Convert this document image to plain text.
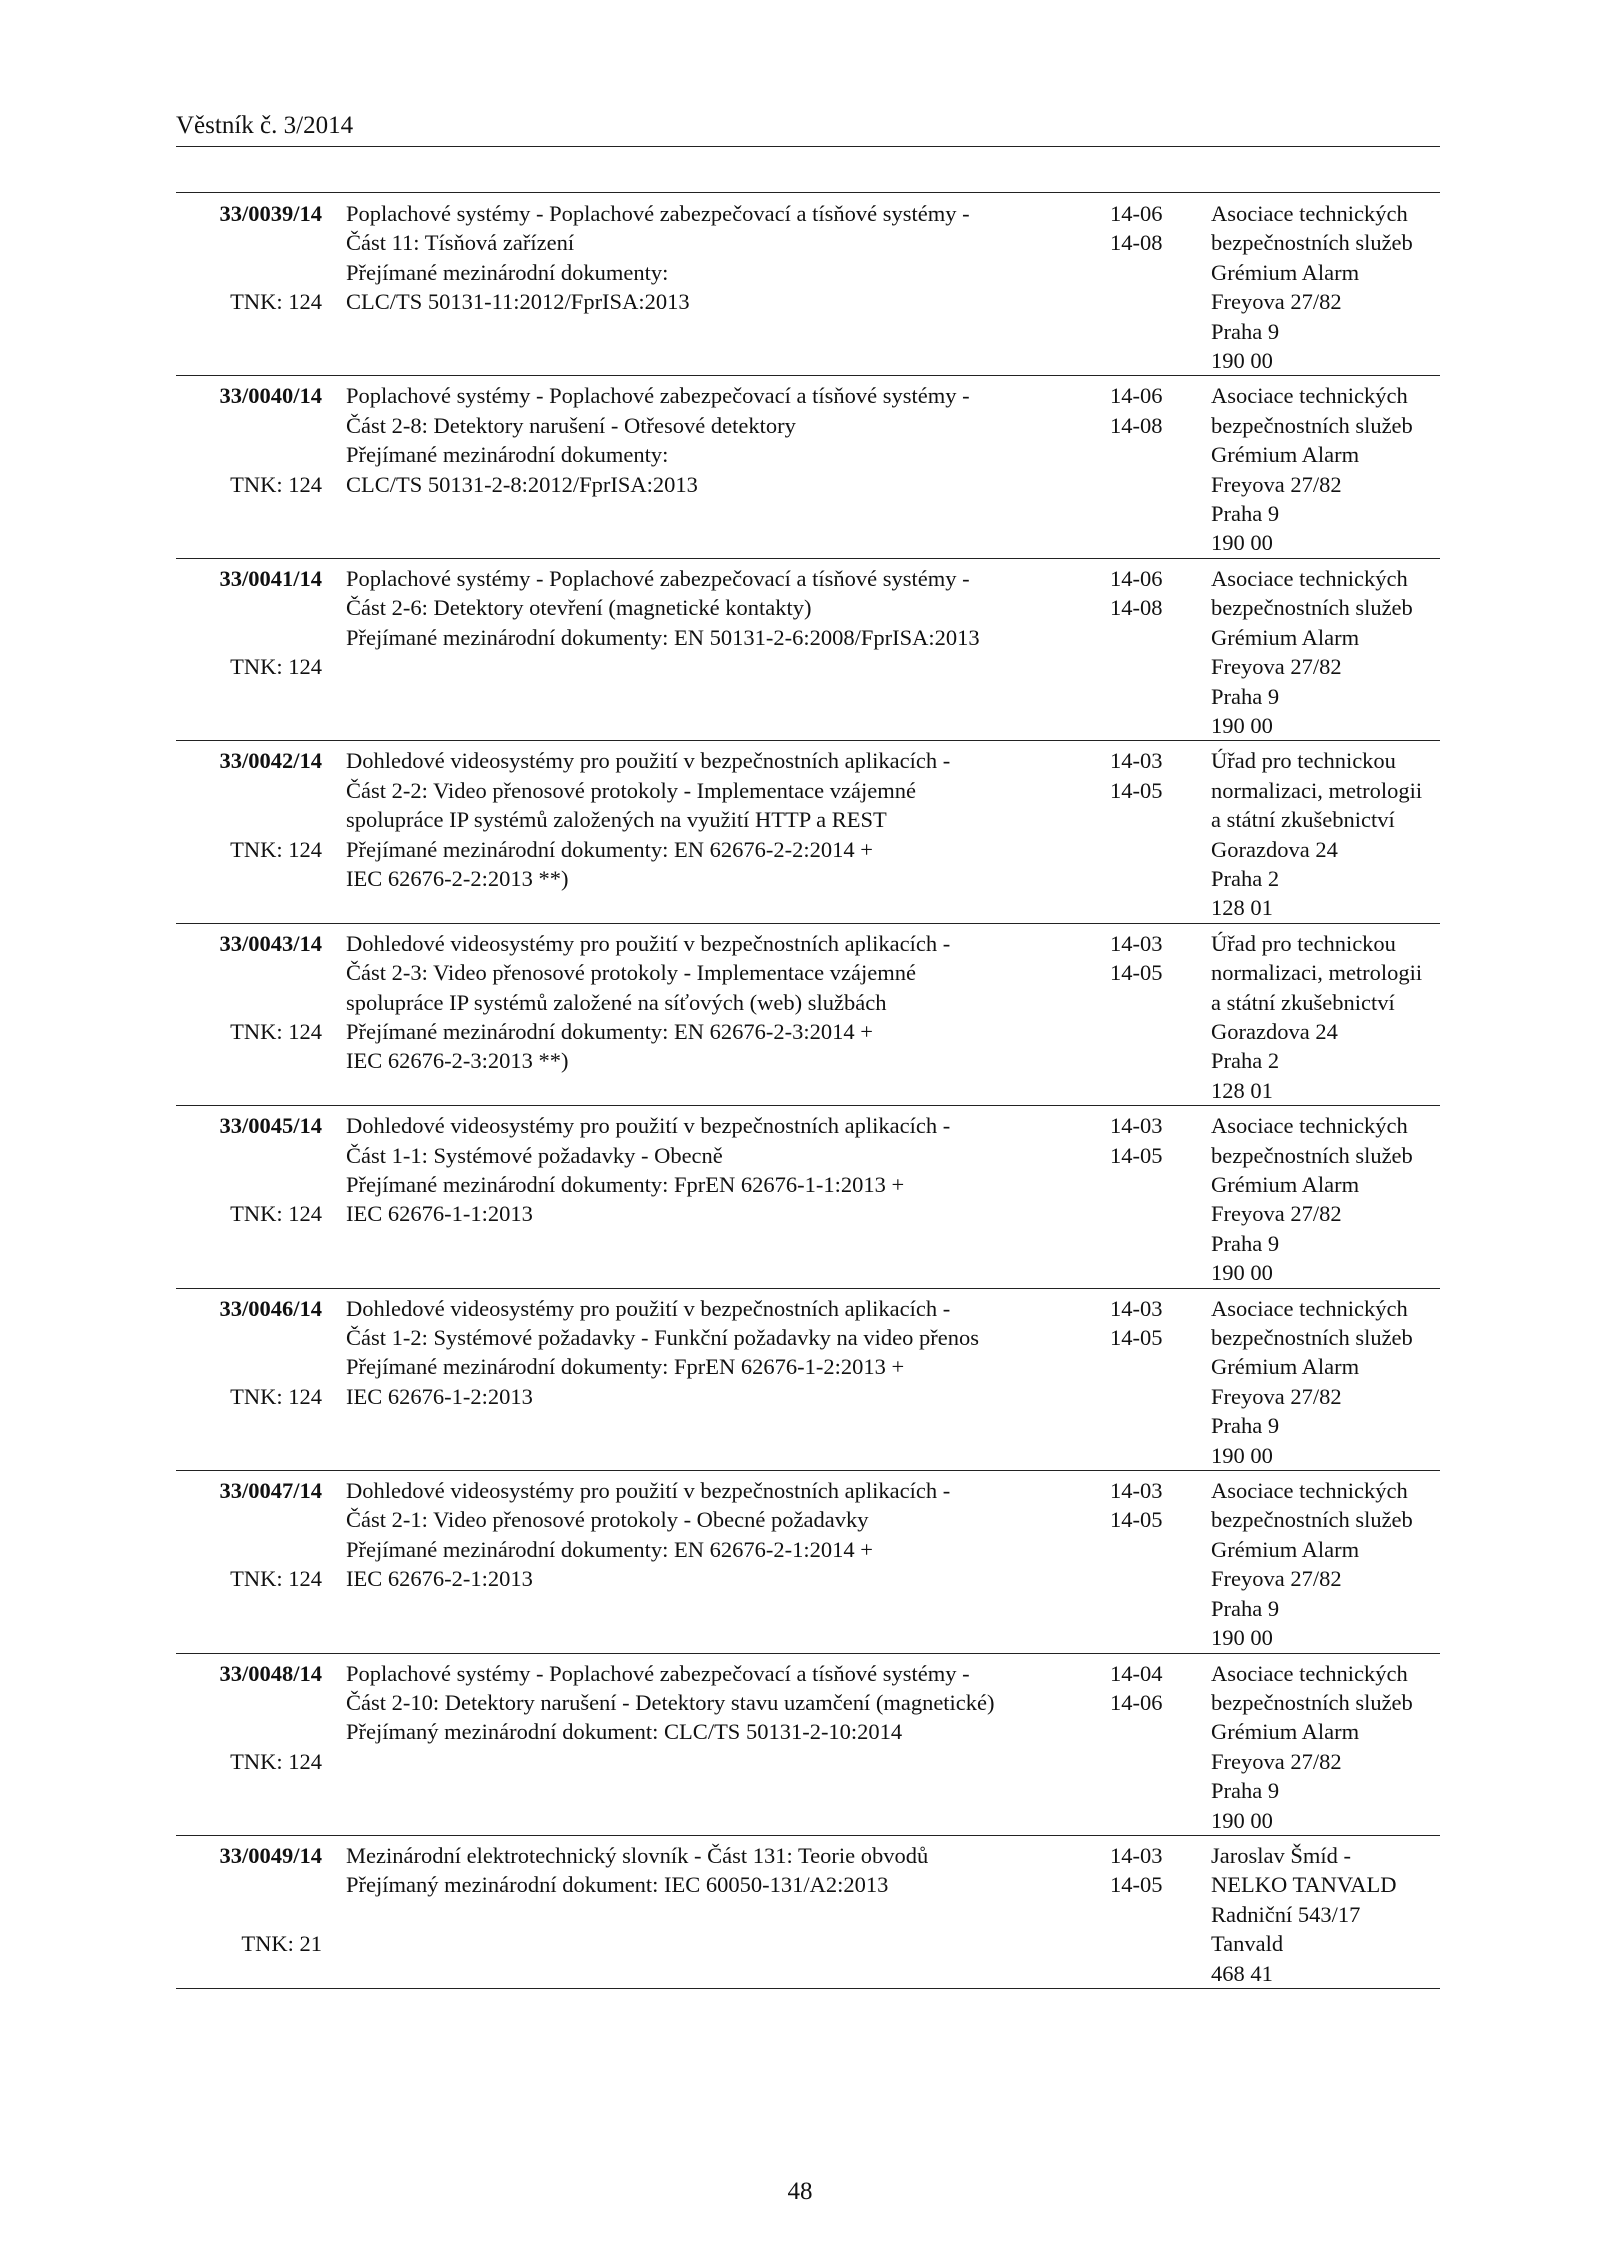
Věstník č. 3/2014
33/0039/14

TNK: 124
Poplachové systémy - Poplachové zabezpečovací a tísňové systémy -
Část 11: Tísňová zařízení
Přejímané mezinárodní dokumenty:
CLC/TS 50131-11:2012/FprISA:2013
14-06
14-08
Asociace technických
bezpečnostních služeb
Grémium Alarm
Freyova 27/82
Praha 9
190 00
33/0040/14

TNK: 124
Poplachové systémy - Poplachové zabezpečovací a tísňové systémy -
Část 2-8: Detektory narušení - Otřesové detektory
Přejímané mezinárodní dokumenty:
CLC/TS 50131-2-8:2012/FprISA:2013
14-06
14-08
Asociace technických
bezpečnostních služeb
Grémium Alarm
Freyova 27/82
Praha 9
190 00
33/0041/14

TNK: 124
Poplachové systémy - Poplachové zabezpečovací a tísňové systémy -
Část 2-6: Detektory otevření (magnetické kontakty)
Přejímané mezinárodní dokumenty: EN 50131-2-6:2008/FprISA:2013
14-06
14-08
Asociace technických
bezpečnostních služeb
Grémium Alarm
Freyova 27/82
Praha 9
190 00
33/0042/14

TNK: 124
Dohledové videosystémy pro použití v bezpečnostních aplikacích -
Část 2-2: Video přenosové protokoly - Implementace vzájemné
spolupráce IP systémů založených na využití HTTP a REST
Přejímané mezinárodní dokumenty: EN 62676-2-2:2014 +
IEC 62676-2-2:2013 **)
14-03
14-05
Úřad pro technickou
normalizaci, metrologii
a státní zkušebnictví
Gorazdova 24
Praha 2
128 01
33/0043/14

TNK: 124
Dohledové videosystémy pro použití v bezpečnostních aplikacích -
Část 2-3: Video přenosové protokoly - Implementace vzájemné
spolupráce IP systémů založené na síťových (web) službách
Přejímané mezinárodní dokumenty: EN 62676-2-3:2014 +
IEC 62676-2-3:2013 **)
14-03
14-05
Úřad pro technickou
normalizaci, metrologii
a státní zkušebnictví
Gorazdova 24
Praha 2
128 01
33/0045/14

TNK: 124
Dohledové videosystémy pro použití v bezpečnostních aplikacích -
Část 1-1: Systémové požadavky - Obecně
Přejímané mezinárodní dokumenty: FprEN 62676-1-1:2013 +
IEC 62676-1-1:2013
14-03
14-05
Asociace technických
bezpečnostních služeb
Grémium Alarm
Freyova 27/82
Praha 9
190 00
33/0046/14

TNK: 124
Dohledové videosystémy pro použití v bezpečnostních aplikacích -
Část 1-2: Systémové požadavky - Funkční požadavky na video přenos
Přejímané mezinárodní dokumenty: FprEN 62676-1-2:2013 +
IEC 62676-1-2:2013
14-03
14-05
Asociace technických
bezpečnostních služeb
Grémium Alarm
Freyova 27/82
Praha 9
190 00
33/0047/14

TNK: 124
Dohledové videosystémy pro použití v bezpečnostních aplikacích -
Část 2-1: Video přenosové protokoly - Obecné požadavky
Přejímané mezinárodní dokumenty: EN 62676-2-1:2014 +
IEC 62676-2-1:2013
14-03
14-05
Asociace technických
bezpečnostních služeb
Grémium Alarm
Freyova 27/82
Praha 9
190 00
33/0048/14

TNK: 124
Poplachové systémy - Poplachové zabezpečovací a tísňové systémy -
Část 2-10: Detektory narušení - Detektory stavu uzamčení (magnetické)
Přejímaný mezinárodní dokument: CLC/TS 50131-2-10:2014
14-04
14-06
Asociace technických
bezpečnostních služeb
Grémium Alarm
Freyova 27/82
Praha 9
190 00
33/0049/14

TNK: 21
Mezinárodní elektrotechnický slovník - Část 131: Teorie obvodů
Přejímaný mezinárodní dokument: IEC 60050-131/A2:2013
14-03
14-05
Jaroslav Šmíd -
NELKO TANVALD
Radniční 543/17
Tanvald
468 41
48
